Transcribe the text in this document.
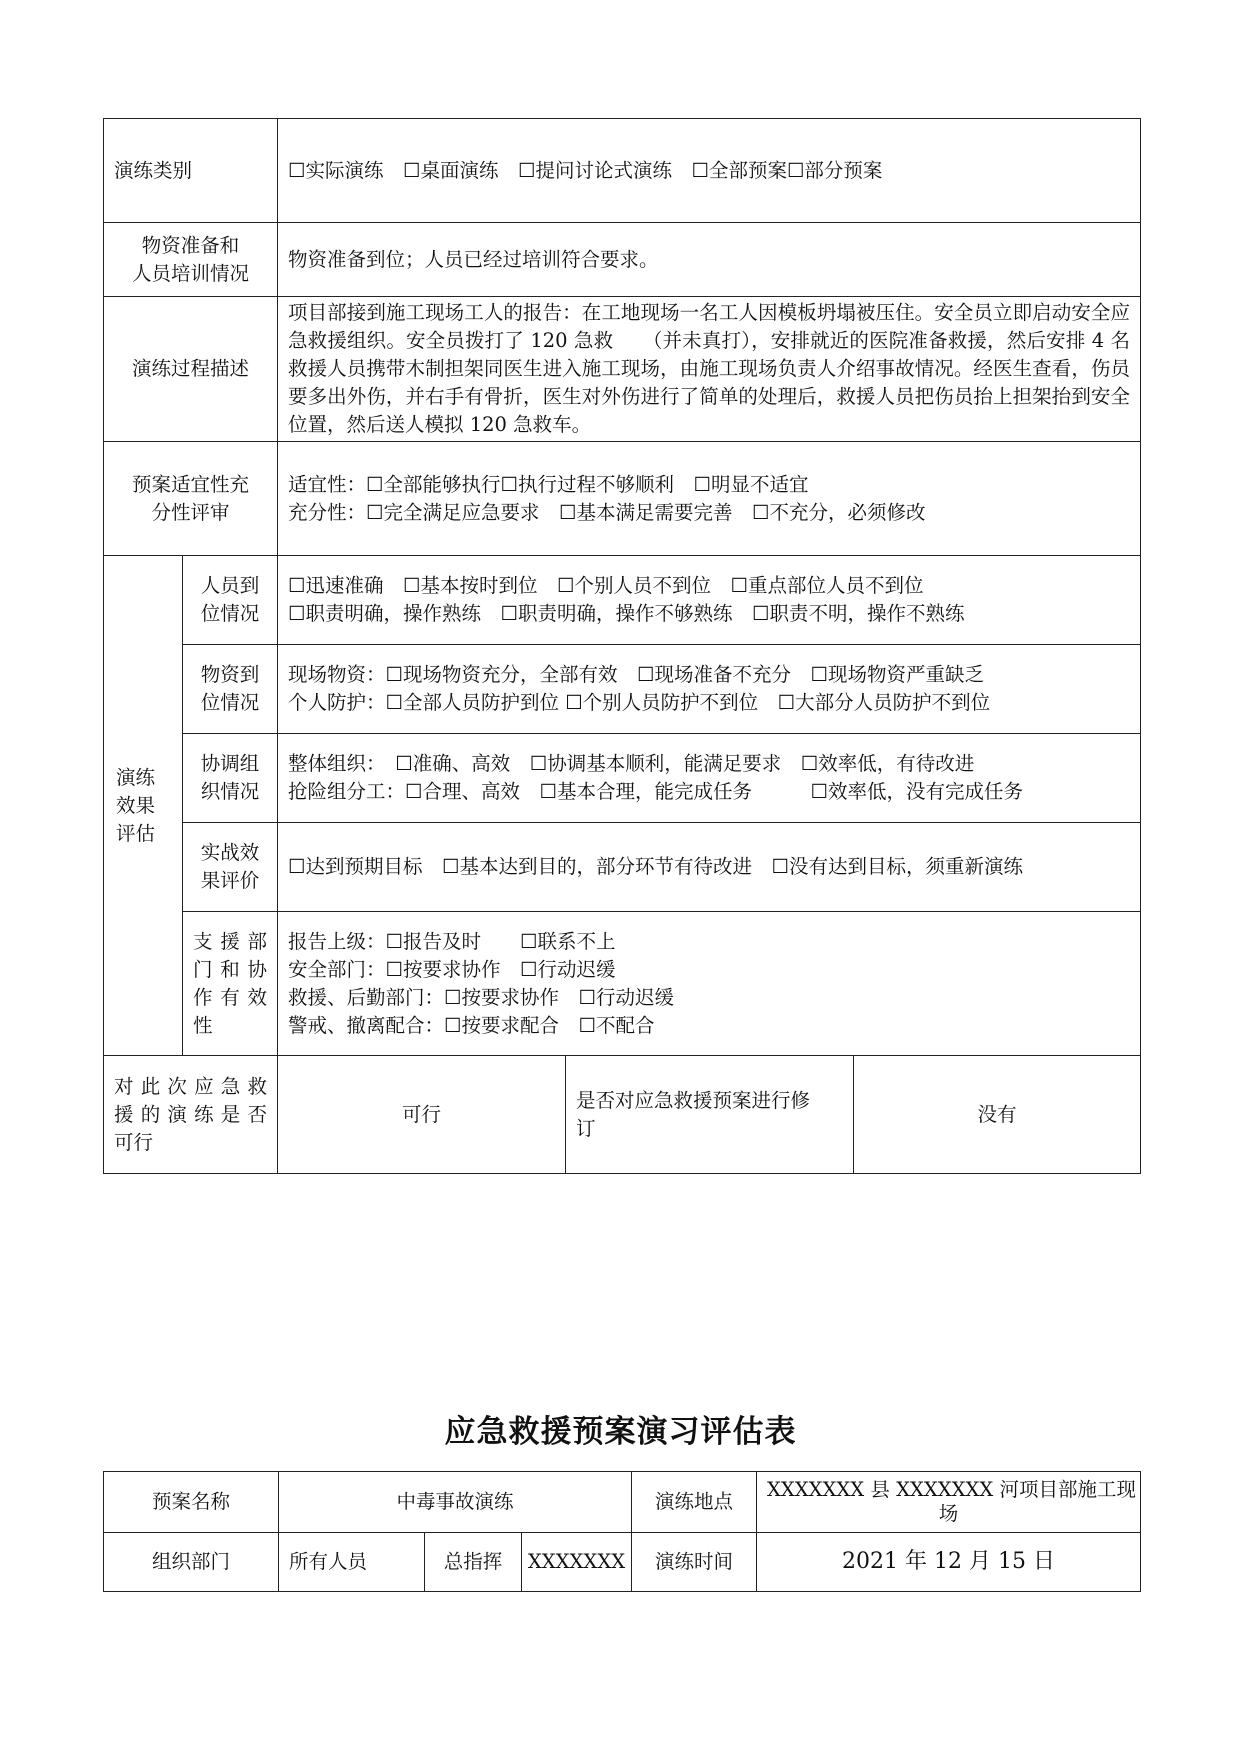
演练类别		☐实际演练　☐桌面演练　☐提问讨论式演练　☐全部预案☐部分预案		

物资准备和
人员培训情况		物资准备到位；人员已经过培训符合要求。		
演练过程描述		项目部接到施工现场工人的报告：在工地现场一名工人因模板坍塌被压住。安全员立即启动安全应急救援组织。安全员拨打了 120 急救　　（并未真打），安排就近的医院准备救援，然后安排 4 名救援人员携带木制担架同医生进入施工现场，由施工现场负责人介绍事故情况。经医生查看，伤员要多出外伤，并右手有骨折，医生对外伤进行了简单的处理后，救援人员把伤员抬上担架抬到安全位置，然后送人模拟 120 急救车。		

预案适宜性充
分性评审		适宜性：☐全部能够执行☐执行过程不够顺利　☐明显不适宜
充分性：☐完全满足应急要求　☐基本满足需要完善　☐不充分，必须修改		

演练
效果
评估	人员到
位情况	☐迅速准确　☐基本按时到位　☐个别人员不到位　☐重点部位人员不到位
☐职责明确，操作熟练　☐职责明确，操作不够熟练　☐职责不明，操作不熟练		

	物资到
位情况	现场物资：☐现场物资充分，全部有效　☐现场准备不充分　☐现场物资严重缺乏
个人防护：☐全部人员防护到位 ☐个别人员防护不到位　☐大部分人员防护不到位		

	协调组
织情况	整体组织：　☐准确、高效　☐协调基本顺利，能满足要求　☐效率低，有待改进
抢险组分工：☐合理、高效　☐基本合理，能完成任务　　　☐效率低，没有完成任务		

	实战效
果评价	☐达到预期目标　☐基本达到目的，部分环节有待改进　☐没有达到目标，须重新演练		

	支援部
门和协
作有效
性	报告上级：☐报告及时　　☐联系不上
安全部门：☐按要求协作　☐行动迟缓
救援、后勤部门：☐按要求协作　☐行动迟缓
警戒、撤离配合：☐按要求配合　☐不配合		

对此次应急救
援的演练是否
可行		可行	是否对应急救援预案进行修
订	没有
应急救援预案演习评估表
预案名称	中毒事故演练			演练地点	XXXXXXX 县 XXXXXXX 河项目部施工现
场

组织部门	所有人员	总指挥	XXXXXXX	演练时间	2021 年 12 月 15 日
